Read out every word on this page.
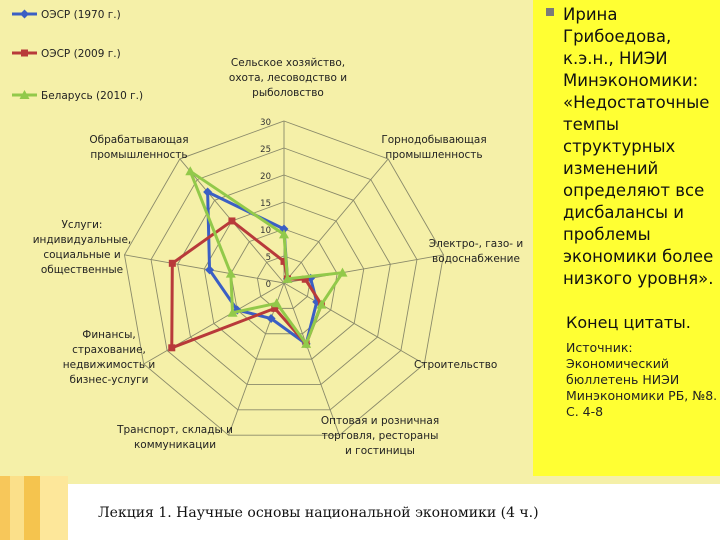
0
5
10
15
20
25
30
Сельское хозяйство, охота, лесоводство и рыболовство
Горнодобывающая промышленность
Электро-, газо- и водоснабжение
Строительство
Оптовая и розничная торговля, рестораны и гостиницы
Транспорт, склады и коммуникации
Финансы, страхование, недвижимость и бизнес-услуги
Услуги: индивидуальные, социальные и общественные
Обрабатывающая промышленность
ОЭСР (1970 г.)
ОЭСР (2009 г.)
Беларусь (2010 г.)
Ирина Грибоедова, к.э.н., НИЭИ Минэкономики: «Недостаточные темпы структурных изменений определяют все дисбалансы и проблемы экономики более низкого уровня».
Конец цитаты.
Источник: Экономический бюллетень НИЭИ Минэкономики РБ, №8. С. 4-8
Лекция 1. Научные основы национальной экономики (4 ч.)
